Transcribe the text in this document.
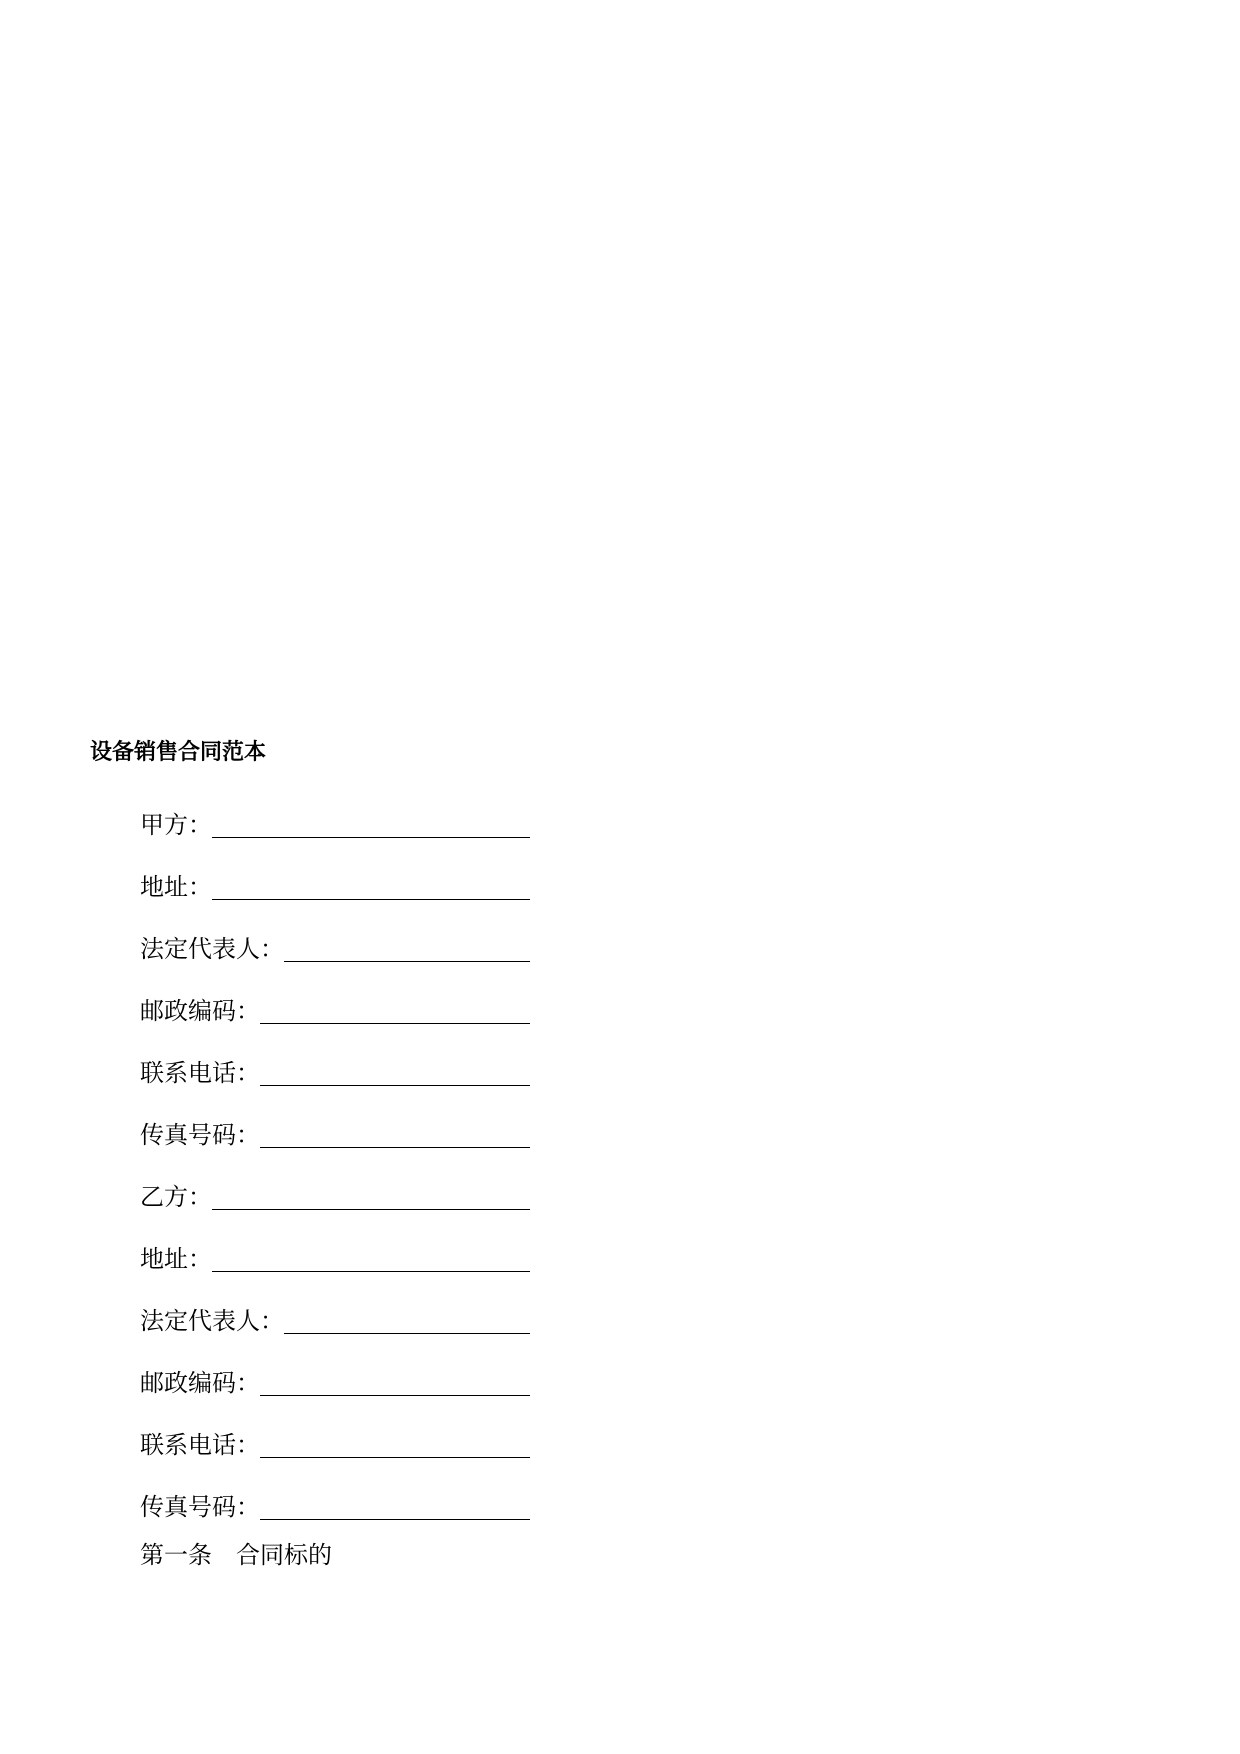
设备销售合同范本
甲方：
地址：
法定代表人：
邮政编码：
联系电话：
传真号码：
乙方：
地址：
法定代表人：
邮政编码：
联系电话：
传真号码：

第一条 合同标的
